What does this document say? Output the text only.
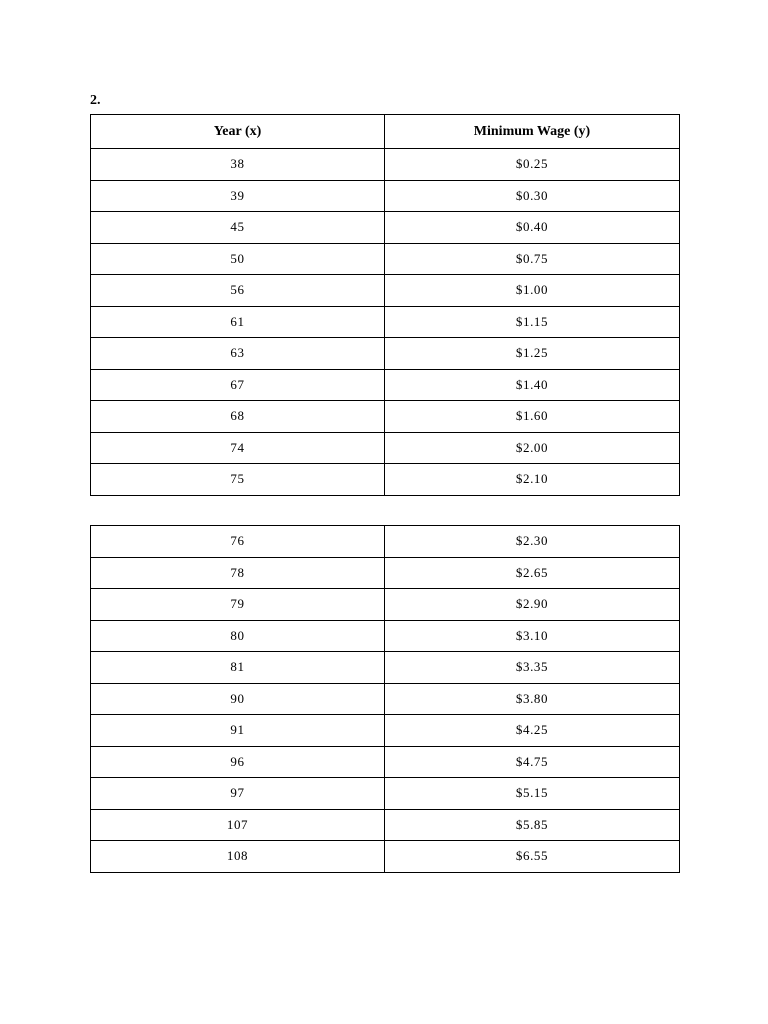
2.
Year (x)	Minimum Wage (y)
38	$0.25
39	$0.30
45	$0.40
50	$0.75
56	$1.00
61	$1.15
63	$1.25
67	$1.40
68	$1.60
74	$2.00
75	$2.10
76	$2.30
78	$2.65
79	$2.90
80	$3.10
81	$3.35
90	$3.80
91	$4.25
96	$4.75
97	$5.15
107	$5.85
108	$6.55
